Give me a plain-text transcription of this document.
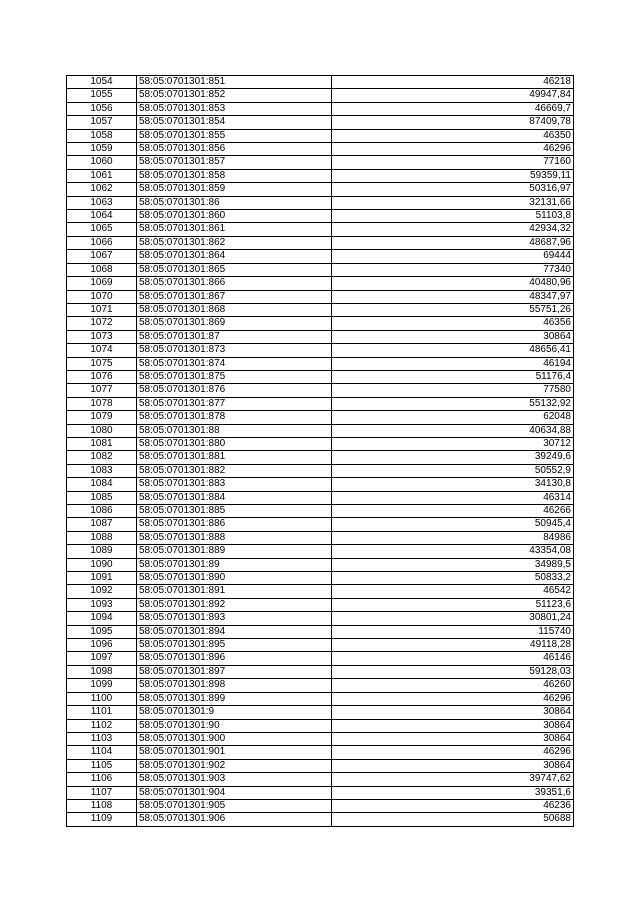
1054	58:05:0701301:851	46218
1055	58:05:0701301:852	49947,84
1056	58:05:0701301:853	46669,7
1057	58:05:0701301:854	87409,78
1058	58:05:0701301:855	46350
1059	58:05:0701301:856	46296
1060	58:05:0701301:857	77160
1061	58:05:0701301:858	59359,11
1062	58:05:0701301:859	50316,97
1063	58:05:0701301:86	32131,66
1064	58:05:0701301:860	51103,8
1065	58:05:0701301:861	42934,32
1066	58:05:0701301:862	48687,96
1067	58:05:0701301:864	69444
1068	58:05:0701301:865	77340
1069	58:05:0701301:866	40480,96
1070	58:05:0701301:867	48347,97
1071	58:05:0701301:868	55751,26
1072	58:05:0701301:869	46356
1073	58:05:0701301:87	30864
1074	58:05:0701301:873	48656,41
1075	58:05:0701301:874	46194
1076	58:05:0701301:875	51176,4
1077	58:05:0701301:876	77580
1078	58:05:0701301:877	55132,92
1079	58:05:0701301:878	62048
1080	58:05:0701301:88	40634,88
1081	58:05:0701301:880	30712
1082	58:05:0701301:881	39249,6
1083	58:05:0701301:882	50552,9
1084	58:05:0701301:883	34130,8
1085	58:05:0701301:884	46314
1086	58:05:0701301:885	46266
1087	58:05:0701301:886	50945,4
1088	58:05:0701301:888	84986
1089	58:05:0701301:889	43354,08
1090	58:05:0701301:89	34989,5
1091	58:05:0701301:890	50833,2
1092	58:05:0701301:891	46542
1093	58:05:0701301:892	51123,6
1094	58:05:0701301:893	30801,24
1095	58:05:0701301:894	115740
1096	58:05:0701301:895	49118,28
1097	58:05:0701301:896	46146
1098	58:05:0701301:897	59128,03
1099	58:05:0701301:898	46260
1100	58:05:0701301:899	46296
1101	58:05:0701301:9	30864
1102	58:05:0701301:90	30864
1103	58:05:0701301:900	30864
1104	58:05:0701301:901	46296
1105	58:05:0701301:902	30864
1106	58:05:0701301:903	39747,62
1107	58:05:0701301:904	39351,6
1108	58:05:0701301:905	46236
1109	58:05:0701301:906	50688
